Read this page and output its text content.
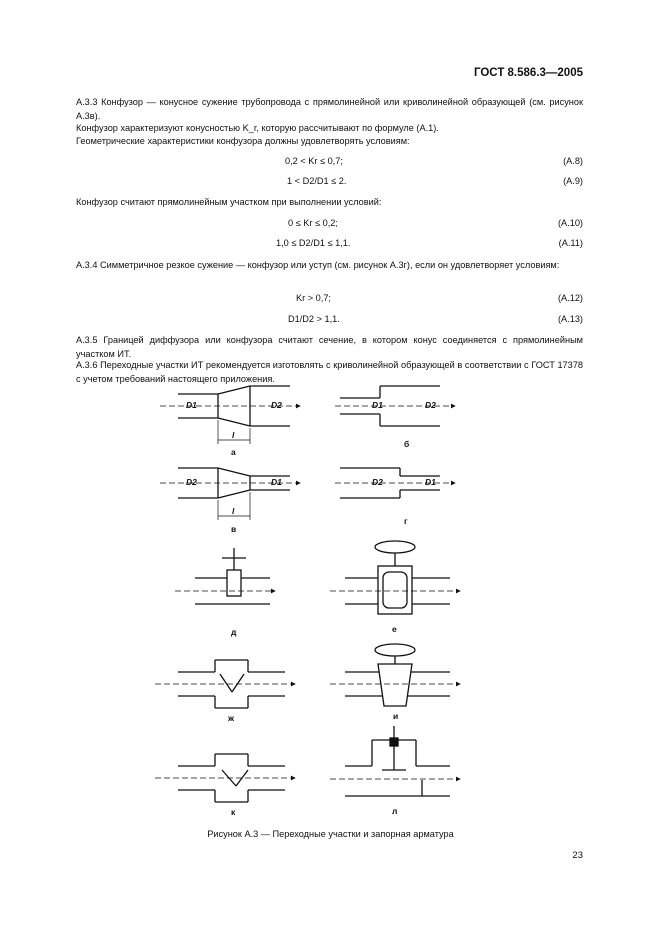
ГОСТ 8.586.3—2005

А.3.3 Конфузор — конусное сужение трубопровода с прямолинейной или криволинейной образующей (см. рисунок А.3в).

Конфузор характеризуют конусностью K_r, которую рассчитывают по формуле (А.1).

Геометрические характеристики конфузора должны удовлетворять условиям:

0,2 < Kr ≤ 0,7;	(А.8)
1 < D2/D1 ≤ 2.	(А.9)

Конфузор считают прямолинейным участком при выполнении условий:

0 ≤ Kr ≤ 0,2;	(А.10)
1,0 ≤ D2/D1 ≤ 1,1.	(А.11)

А.3.4 Симметричное резкое сужение — конфузор или уступ (см. рисунок А.3г), если он удовлетворяет условиям:

Kr > 0,7;	(А.12)
D1/D2 > 1,1.	(А.13)

А.3.5 Границей диффузора или конфузора считают сечение, в котором конус соединяется с прямолинейным участком ИТ.

А.3.6 Переходные участки ИТ рекомендуется изготовлять с криволинейной образующей в соответствии с ГОСТ 17378 с учетом требований настоящего приложения.

а
б
в
г
д	е
ж	и
к	л
D1	D2
l
D1	D2
D2	D1
l
D2	D1
Рисунок А.3 — Переходные участки и запорная арматура
23
